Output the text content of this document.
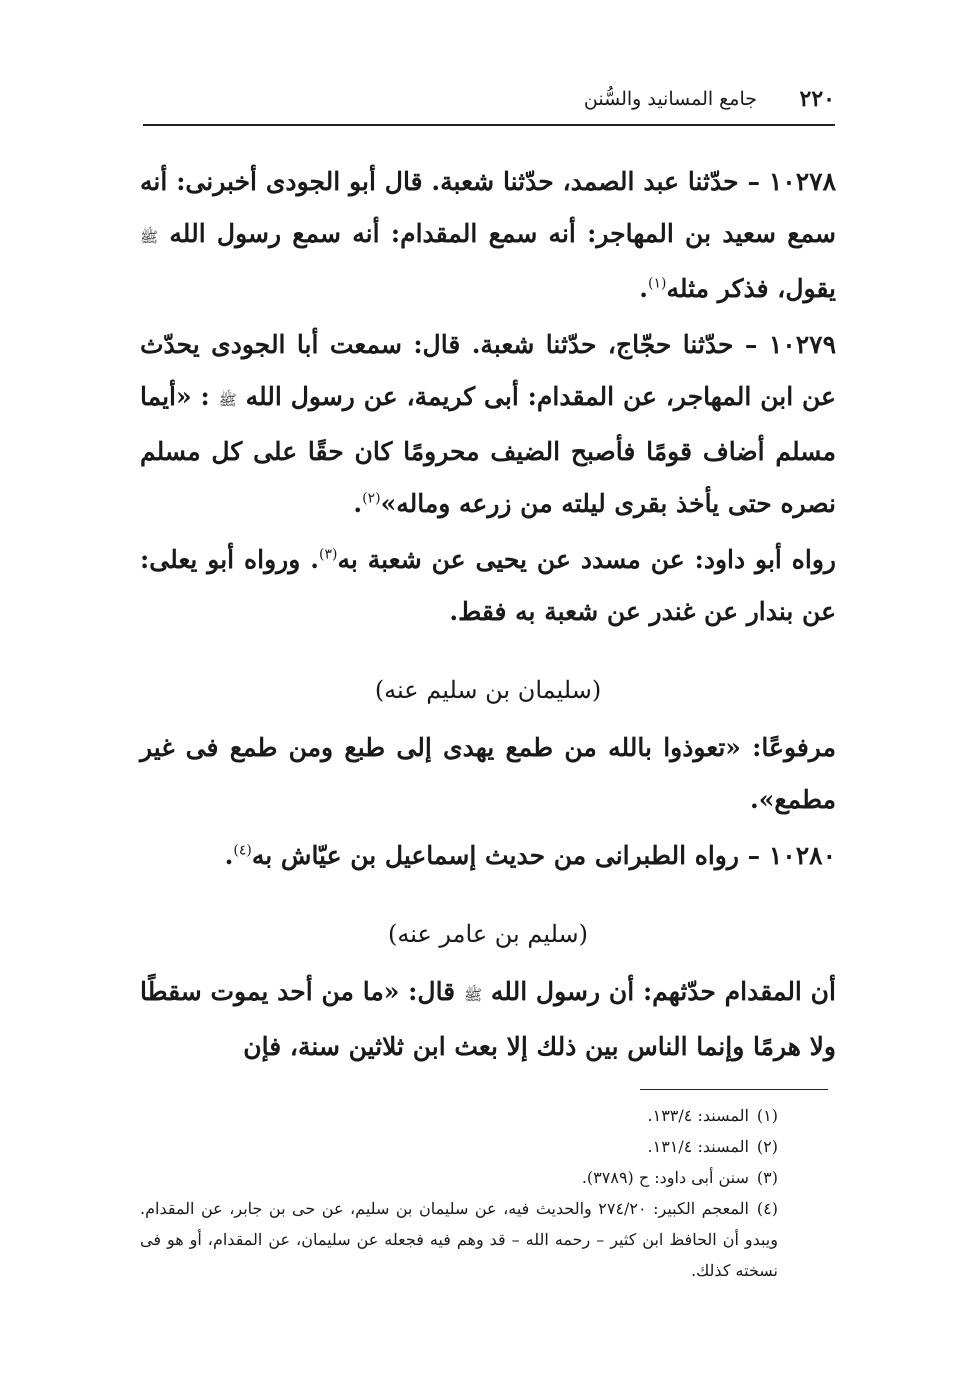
٢٢٠
جامع المسانيد والسُّنن

١٠٢٧٨ – حدّثنا عبد الصمد، حدّثنا شعبة. قال أبو الجودى أخبرنى: أنه سمع سعيد بن المهاجر: أنه سمع المقدام: أنه سمع رسول الله ﷺ يقول، فذكر مثله$^{(١)}$.

١٠٢٧٩ – حدّثنا حجّاج، حدّثنا شعبة. قال: سمعت أبا الجودى يحدّث عن ابن المهاجر، عن المقدام: أبى كريمة، عن رسول الله ﷺ : «أيما مسلم أضاف قومًا فأصبح الضيف محرومًا كان حقًا على كل مسلم نصره حتى يأخذ بقرى ليلته من زرعه وماله»$^{(٢)}$.

رواه أبو داود: عن مسدد عن يحيى عن شعبة به$^{(٣)}$. ورواه أبو يعلى: عن بندار عن غندر عن شعبة به فقط.

(سليمان بن سليم عنه)

مرفوعًا: «تعوذوا بالله من طمع يهدى إلى طبع ومن طمع فى غير مطمع».

١٠٢٨٠ – رواه الطبرانى من حديث إسماعيل بن عيّاش به$^{(٤)}$.

(سليم بن عامر عنه)

أن المقدام حدّثهم: أن رسول الله ﷺ قال: «ما من أحد يموت سقطًا ولا هرمًا وإنما الناس بين ذلك إلا بعث ابن ثلاثين سنة، فإن

(١)المسند: ١٣٣/٤.

(٢)المسند: ١٣١/٤.

(٣)سنن أبى داود: ح (٣٧٨٩).

(٤)المعجم الكبير: ٢٧٤/٢٠ والحديث فيه، عن سليمان بن سليم، عن حى بن جابر، عن المقدام. ويبدو أن الحافظ ابن كثير – رحمه الله – قد وهم فيه فجعله عن سليمان، عن المقدام، أو هو فى نسخته كذلك.
